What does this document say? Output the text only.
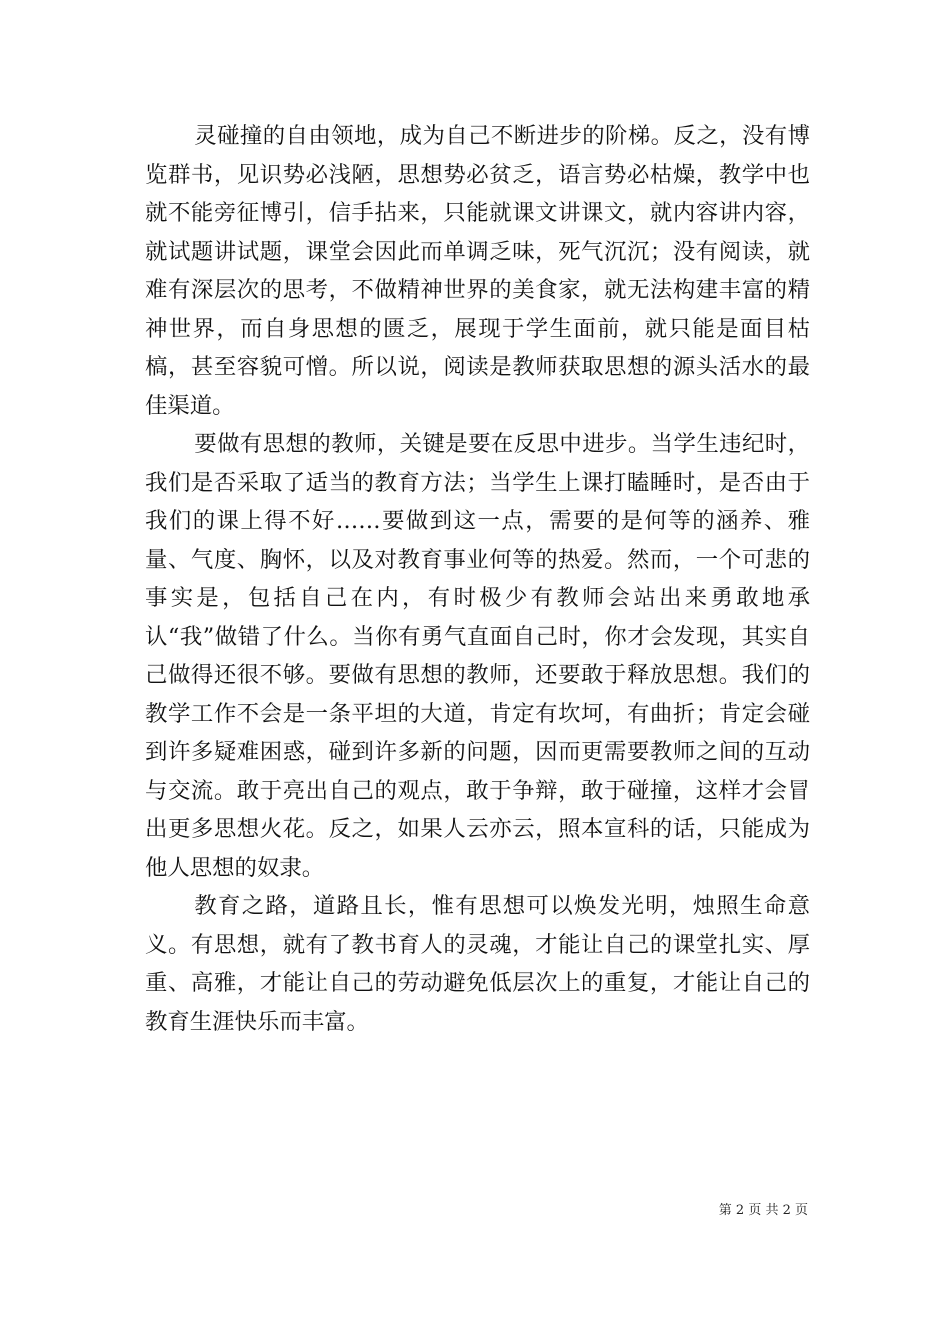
灵碰撞的自由领地，成为自己不断进步的阶梯。反之，没有博览群书，见识势必浅陋，思想势必贫乏，语言势必枯燥，教学中也就不能旁征博引，信手拈来，只能就课文讲课文，就内容讲内容，就试题讲试题，课堂会因此而单调乏味，死气沉沉；没有阅读，就难有深层次的思考，不做精神世界的美食家，就无法构建丰富的精神世界，而自身思想的匮乏，展现于学生面前，就只能是面目枯槁，甚至容貌可憎。所以说，阅读是教师获取思想的源头活水的最佳渠道。

要做有思想的教师，关键是要在反思中进步。当学生违纪时，我们是否采取了适当的教育方法；当学生上课打瞌睡时，是否由于我们的课上得不好……要做到这一点，需要的是何等的涵养、雅量、气度、胸怀，以及对教育事业何等的热爱。然而，一个可悲的事实是，包括自己在内，有时极少有教师会站出来勇敢地承认“我”做错了什么。当你有勇气直面自己时，你才会发现，其实自己做得还很不够。要做有思想的教师，还要敢于释放思想。我们的教学工作不会是一条平坦的大道，肯定有坎坷，有曲折；肯定会碰到许多疑难困惑，碰到许多新的问题，因而更需要教师之间的互动与交流。敢于亮出自己的观点，敢于争辩，敢于碰撞，这样才会冒出更多思想火花。反之，如果人云亦云，照本宣科的话，只能成为他人思想的奴隶。

教育之路，道路且长，惟有思想可以焕发光明，烛照生命意义。有思想，就有了教书育人的灵魂，才能让自己的课堂扎实、厚重、高雅，才能让自己的劳动避免低层次上的重复，才能让自己的教育生涯快乐而丰富。

第 2 页 共 2 页
